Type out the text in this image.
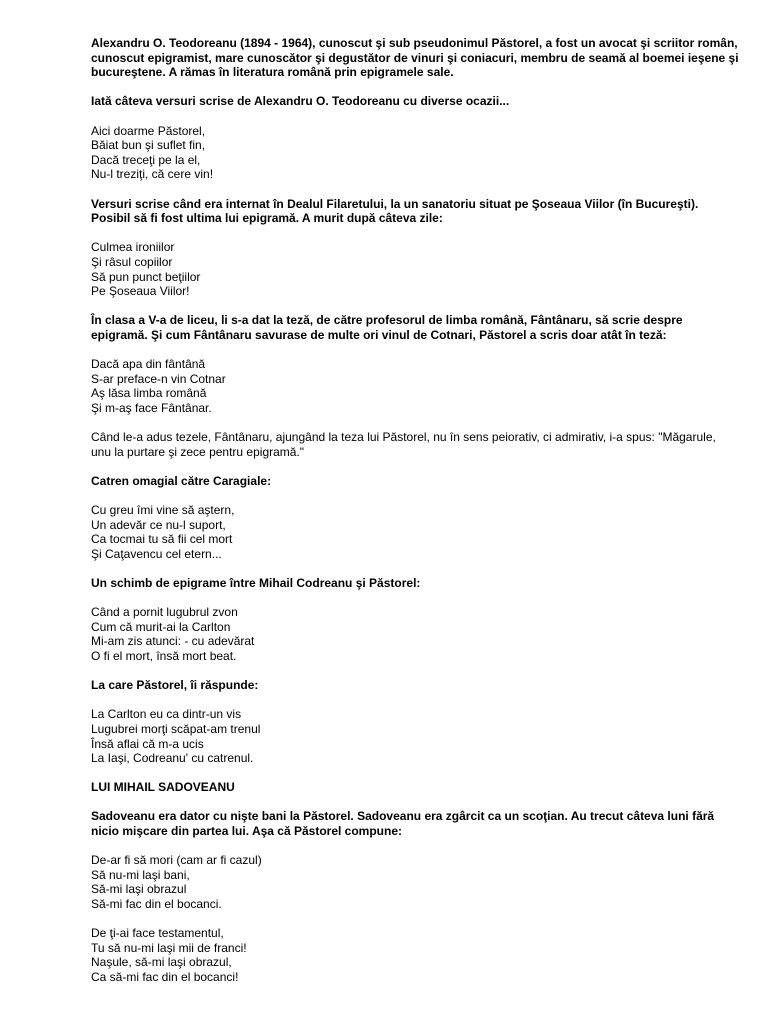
Alexandru O. Teodoreanu (1894 - 1964), cunoscut şi sub pseudonimul Păstorel, a fost un avocat şi scriitor român, cunoscut epigramist, mare cunoscător şi degustător de vinuri şi coniacuri, membru de seamă al boemei ieşene şi bucureştene. A rămas în literatura română prin epigramele sale.

Iată câteva versuri scrise de Alexandru O. Teodoreanu cu diverse ocazii...

Aici doarme Păstorel,
Băiat bun şi suflet fin,
Dacă treceţi pe la el,
Nu-l treziţi, că cere vin!

Versuri scrise când era internat în Dealul Filaretului, la un sanatoriu situat pe Şoseaua Viilor (în Bucureşti). Posibil să fi fost ultima lui epigramă. A murit după câteva zile:

Culmea ironiilor
Şi râsul copiilor
Să pun punct beţiilor
Pe Şoseaua Viilor!

În clasa a V-a de liceu, li s-a dat la teză, de către profesorul de limba română, Fântânaru, să scrie despre epigramă. Şi cum Fântânaru savurase de multe ori vinul de Cotnari, Păstorel a scris doar atât în teză:

Dacă apa din fântână
S-ar preface-n vin Cotnar
Aş lăsa limba română
Şi m-aş face Fântânar.

Când le-a adus tezele, Fântânaru, ajungând la teza lui Păstorel, nu în sens peiorativ, ci admirativ, i-a spus: "Măgarule, unu la purtare şi zece pentru epigramă."

Catren omagial către Caragiale:

Cu greu îmi vine să aştern,
Un adevăr ce nu-l suport,
Ca tocmai tu să fii cel mort
Şi Caţavencu cel etern...

Un schimb de epigrame între Mihail Codreanu şi Păstorel:

Când a pornit lugubrul zvon
Cum că murit-ai la Carlton
Mi-am zis atunci: - cu adevărat
O fi el mort, însă mort beat.

La care Păstorel, îi răspunde:

La Carlton eu ca dintr-un vis
Lugubrei morţi scăpat-am trenul
Însă aflai că m-a ucis
La Iaşi, Codreanu' cu catrenul.

LUI MIHAIL SADOVEANU

Sadoveanu era dator cu nişte bani la Păstorel. Sadoveanu era zgârcit ca un scoţian. Au trecut câteva luni fără nicio mişcare din partea lui. Aşa că Păstorel compune:

De-ar fi să mori (cam ar fi cazul)
Să nu-mi laşi bani,
Să-mi laşi obrazul
Să-mi fac din el bocanci.
De ţi-ai face testamentul,
Tu să nu-mi laşi mii de franci!
Naşule, să-mi laşi obrazul,
Ca să-mi fac din el bocanci!
